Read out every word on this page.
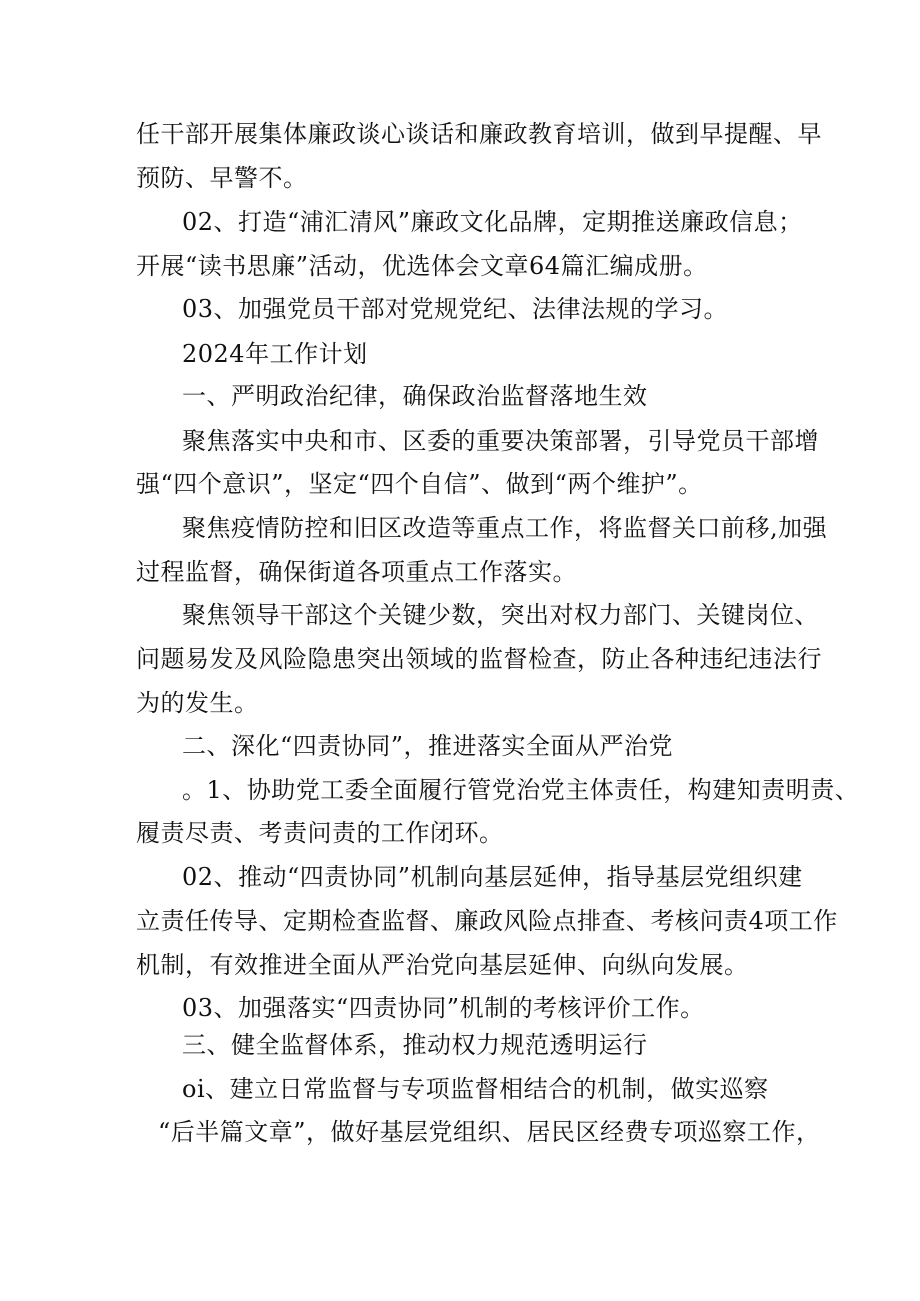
任干部开展集体廉政谈心谈话和廉政教育培训，做到早提醒、早
预防、早警不。
02、打造“浦汇清风”廉政文化品牌，定期推送廉政信息；
开展“读书思廉”活动，优选体会文章64篇汇编成册。
03、加强党员干部对党规党纪、法律法规的学习。
2024年工作计划
一、严明政治纪律，确保政治监督落地生效
聚焦落实中央和市、区委的重要决策部署，引导党员干部增
强“四个意识”，坚定“四个自信”、做到“两个维护”。
聚焦疫情防控和旧区改造等重点工作，将监督关口前移,加强
过程监督，确保街道各项重点工作落实。
聚焦领导干部这个关键少数，突出对权力部门、关键岗位、
问题易发及风险隐患突出领域的监督检查，防止各种违纪违法行
为的发生。
二、深化“四责协同”，推进落实全面从严治党
。1、协助党工委全面履行管党治党主体责任，构建知责明责、
履责尽责、考责问责的工作闭环。
02、推动“四责协同”机制向基层延伸，指导基层党组织建
立责任传导、定期检查监督、廉政风险点排查、考核问责4项工作
机制，有效推进全面从严治党向基层延伸、向纵向发展。
03、加强落实“四责协同”机制的考核评价工作。
三、健全监督体系，推动权力规范透明运行
oi、建立日常监督与专项监督相结合的机制，做实巡察
“后半篇文章”，做好基层党组织、居民区经费专项巡察工作，
